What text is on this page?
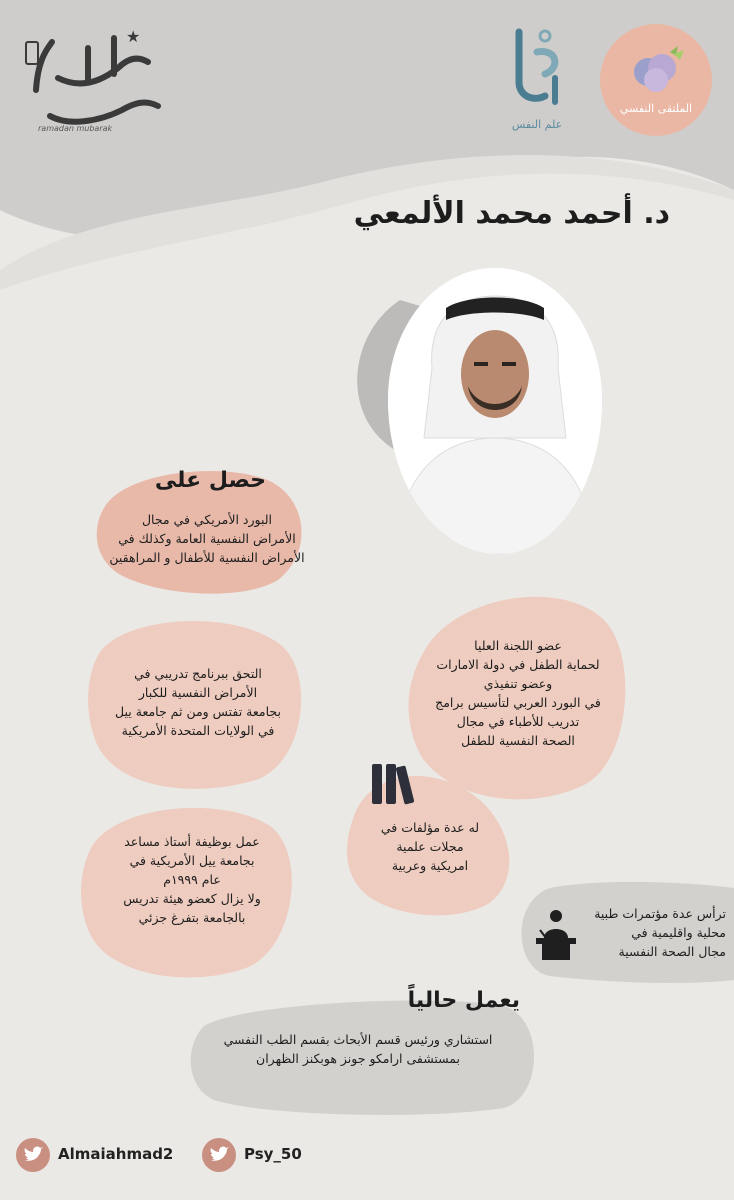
★
ramadan mubarak	علم النفس
الملتقى النفسي
د. أحمد محمد الألمعي
حصل على
البورد الأمريكي في مجال
الأمراض النفسية العامة وكذلك في
الأمراض النفسية للأطفال و المراهقين
التحق ببرنامج تدريبي في
الأمراض النفسية للكبار
بجامعة تفتس ومن ثم جامعة ييل
في الولايات المتحدة الأمريكية
عضو اللجنة العليا
لحماية الطفل في دولة الامارات
وعضو تنفيذي
في البورد العربي لتأسيس برامج
تدريب للأطباء في مجال
الصحة النفسية للطفل
عمل بوظيفة أستاذ مساعد
بجامعة ييل الأمريكية في
عام ١٩٩٩م
ولا يزال كعضو هيئة تدريس
بالجامعة بتفرغ جزئي
له عدة مؤلفات في
مجلات علمية
امريكية وعربية
ترأس عدة مؤتمرات طبية
محلية واقليمية في
مجال الصحة النفسية
يعمل حالياً
استشاري ورئيس قسم الأبحاث بقسم الطب النفسي
بمستشفى ارامكو جونز هوبكنز الظهران
Almaiahmad2	Psy_50
